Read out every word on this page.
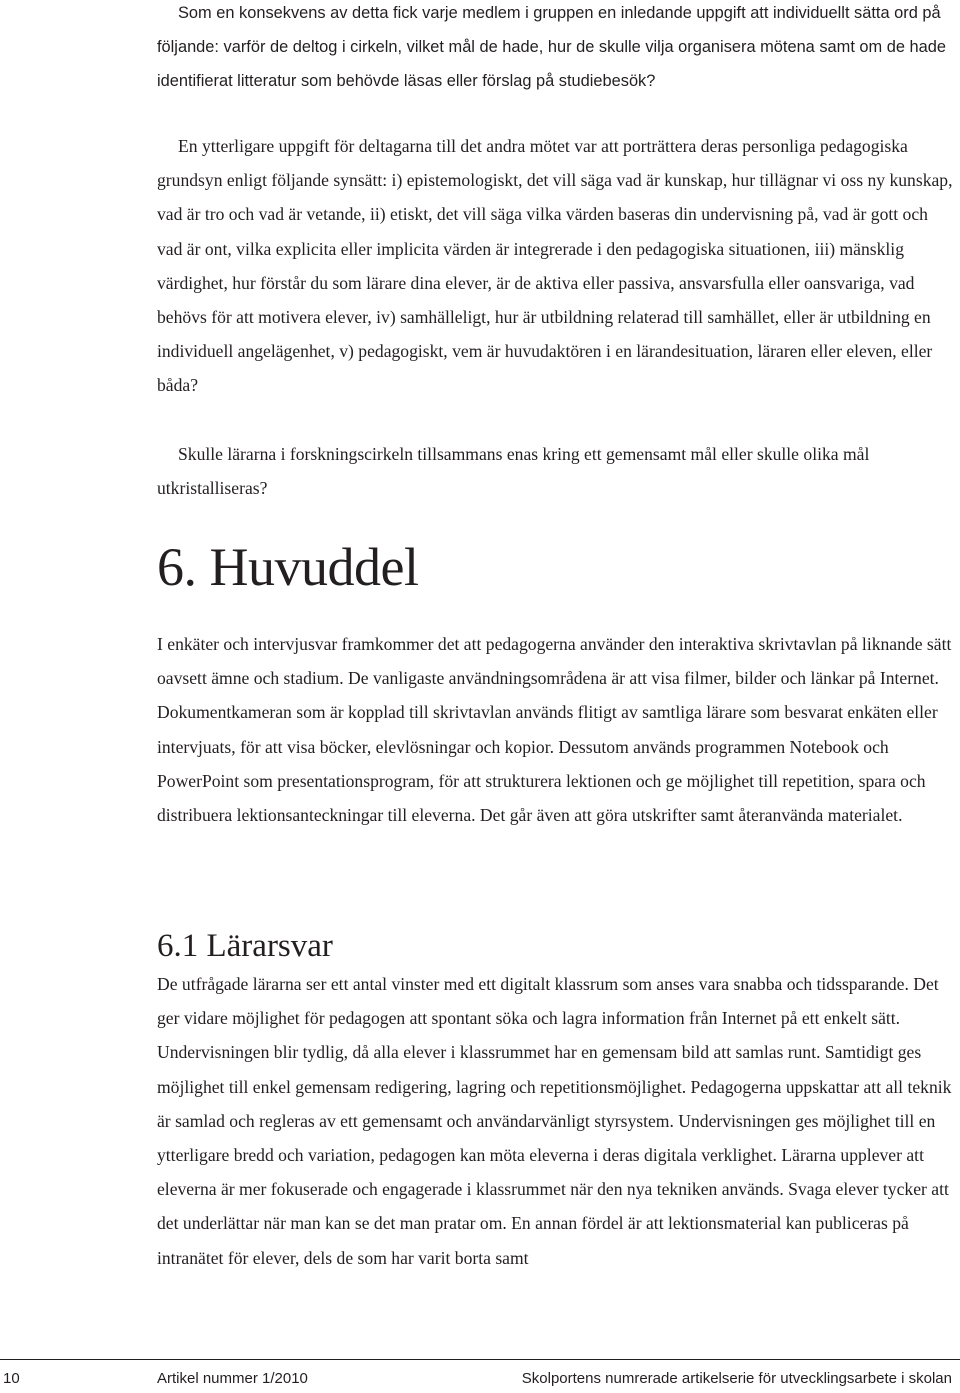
Som en konsekvens av detta fick varje medlem i gruppen en inledande uppgift att individuellt sätta ord på följande: varför de deltog i cirkeln, vilket mål de hade, hur de skulle vilja organisera mötena samt om de hade identifierat litteratur som behövde läsas eller förslag på studiebesök?

En ytterligare uppgift för deltagarna till det andra mötet var att porträttera deras personliga pedagogiska grundsyn enligt följande synsätt: i) epistemologiskt, det vill säga vad är kunskap, hur tillägnar vi oss ny kunskap, vad är tro och vad är vetande, ii) etiskt, det vill säga vilka värden baseras din undervisning på, vad är gott och vad är ont, vilka explicita eller implicita värden är integrerade i den pedagogiska situationen, iii) mänsklig värdighet, hur förstår du som lärare dina elever, är de aktiva eller passiva, ansvarsfulla eller oansvariga, vad behövs för att motivera elever, iv) samhälleligt, hur är utbildning relaterad till samhället, eller är utbildning en individuell angelägenhet, v) pedagogiskt, vem är huvudaktören i en lärandesituation, läraren eller eleven, eller båda?

Skulle lärarna i forskningscirkeln tillsammans enas kring ett gemensamt mål eller skulle olika mål utkristalliseras?

6. Huvuddel

I enkäter och intervjusvar framkommer det att pedagogerna använder den interaktiva skrivtavlan på liknande sätt oavsett ämne och stadium. De vanligaste användningsområdena är att visa filmer, bilder och länkar på Internet. Dokumentkameran som är kopplad till skrivtavlan används flitigt av samtliga lärare som besvarat enkäten eller intervjuats, för att visa böcker, elevlösningar och kopior. Dessutom används programmen Notebook och PowerPoint som presentationsprogram, för att strukturera lektionen och ge möjlighet till repetition, spara och distribuera lektionsanteckningar till eleverna. Det går även att göra utskrifter samt återanvända materialet.

6.1 Lärarsvar

De utfrågade lärarna ser ett antal vinster med ett digitalt klassrum som anses vara snabba och tidssparande. Det ger vidare möjlighet för pedagogen att spontant söka och lagra information från Internet på ett enkelt sätt. Undervisningen blir tydlig, då alla elever i klassrummet har en gemensam bild att samlas runt. Samtidigt ges möjlighet till enkel gemensam redigering, lagring och repetitionsmöjlighet. Pedagogerna uppskattar att all teknik är samlad och regleras av ett gemensamt och användarvänligt styrsystem. Undervisningen ges möjlighet till en ytterligare bredd och variation, pedagogen kan möta eleverna i deras digitala verklighet. Lärarna upplever att eleverna är mer fokuserade och engagerade i klassrummet när den nya tekniken används. Svaga elever tycker att det underlättar när man kan se det man pratar om. En annan fördel är att lektionsmaterial kan publiceras på intranätet för elever, dels de som har varit borta samt

10	Artikel nummer 1/2010	Skolportens numrerade artikelserie för utvecklingsarbete i skolan
